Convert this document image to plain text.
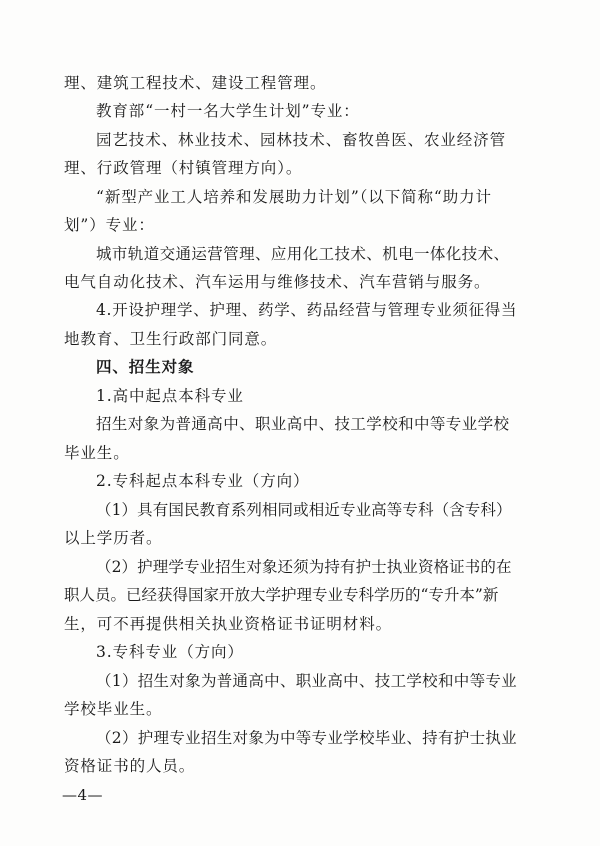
理、建筑工程技术、建设工程管理。
教育部“一村一名大学生计划”专业：
园艺技术、林业技术、园林技术、畜牧兽医、农业经济管
理、行政管理（村镇管理方向）。
“新型产业工人培养和发展助力计划”（以下简称“助力计
划”）专业：
城市轨道交通运营管理、应用化工技术、机电一体化技术、
电气自动化技术、汽车运用与维修技术、汽车营销与服务。
4.开设护理学、护理、药学、药品经营与管理专业须征得当
地教育、卫生行政部门同意。
四、招生对象
1.高中起点本科专业
招生对象为普通高中、职业高中、技工学校和中等专业学校
毕业生。
2.专科起点本科专业（方向）
（1）具有国民教育系列相同或相近专业高等专科（含专科）
以上学历者。
（2）护理学专业招生对象还须为持有护士执业资格证书的在
职人员。已经获得国家开放大学护理专业专科学历的“专升本”新
生，可不再提供相关执业资格证书证明材料。
3.专科专业（方向）
（1）招生对象为普通高中、职业高中、技工学校和中等专业
学校毕业生。
（2）护理专业招生对象为中等专业学校毕业、持有护士执业
资格证书的人员。
—4—
